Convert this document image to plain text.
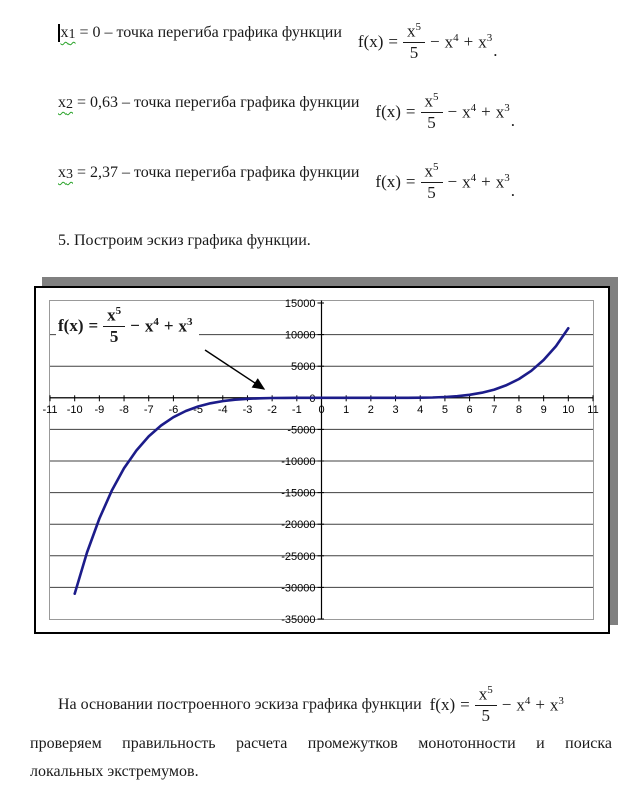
x1 = 0 – точка перегиба графика функции

$f(x) = \frac{x^5}{5} - x^4 + x^3$
.

x2 = 0,63 – точка перегиба графика функции

$f(x) = \frac{x^5}{5} - x^4 + x^3$
.

x3 = 2,37 – точка перегиба графика функции

$f(x) = \frac{x^5}{5} - x^4 + x^3$
.

5. Построим эскиз графика функции.
15000
10000
5000
0
-5000
-10000
-15000
-20000
-25000
-30000
-35000
-11 -10 -9 -8 -7 -6 -5 -4 -3 -2 -1 0 1 2 3 4 5 6 7 8 9 10 11
$f(x) = \frac{x^5}{5} - x^4 + x^3$
На основании построенного эскиза графика функции $f(x) = \frac{x^5}{5} - x^4 + x^3$
проверяем правильность расчета промежутков монотонности и поиска
локальных экстремумов.
